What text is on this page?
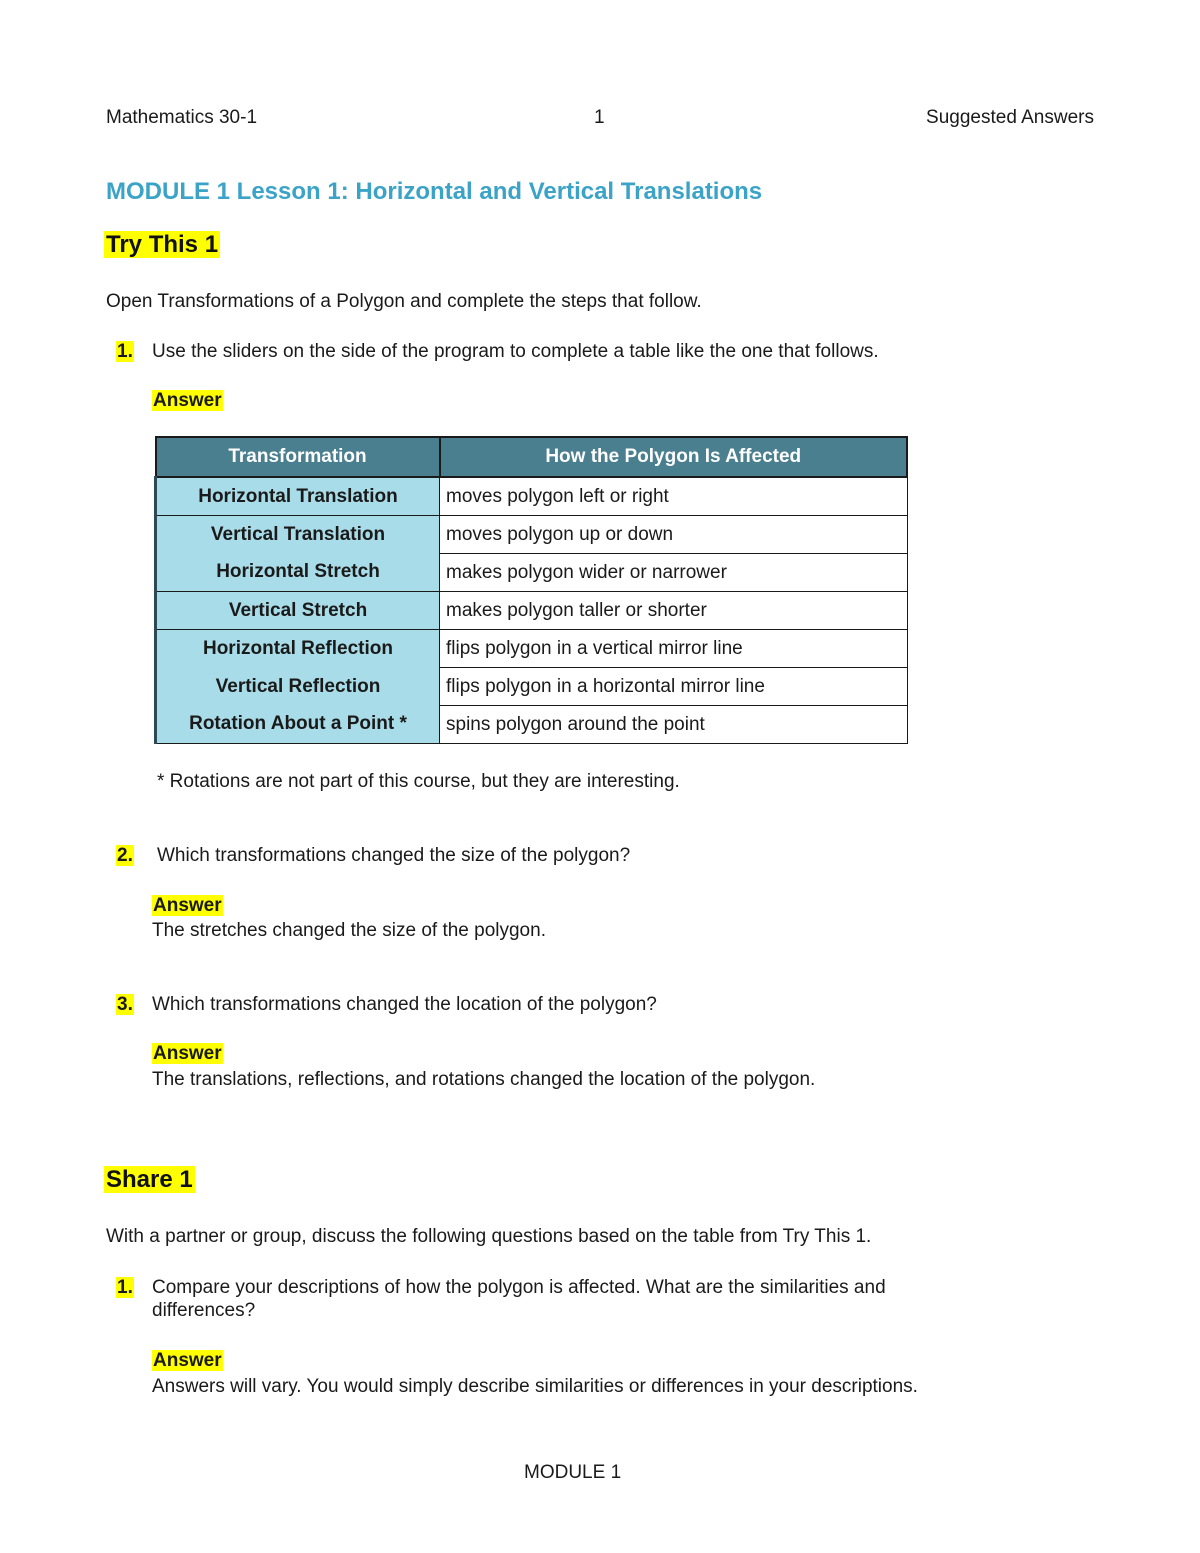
Mathematics 30-1	1	Suggested Answers
MODULE 1 Lesson 1: Horizontal and Vertical Translations
Try This 1
Open Transformations of a Polygon and complete the steps that follow.
1. Use the sliders on the side of the program to complete a table like the one that follows.
Answer
Transformation	How the Polygon Is Affected
Horizontal Translation	moves polygon left or right
Vertical Translation	moves polygon up or down
Horizontal Stretch	makes polygon wider or narrower
Vertical Stretch	makes polygon taller or shorter
Horizontal Reflection	flips polygon in a vertical mirror line
Vertical Reflection	flips polygon in a horizontal mirror line
Rotation About a Point *	spins polygon around the point
* Rotations are not part of this course, but they are interesting.
2. Which transformations changed the size of the polygon?
Answer
The stretches changed the size of the polygon.
3. Which transformations changed the location of the polygon?
Answer
The translations, reflections, and rotations changed the location of the polygon.
Share 1
With a partner or group, discuss the following questions based on the table from Try This 1.
1. Compare your descriptions of how the polygon is affected. What are the similarities and
differences?
Answer
Answers will vary. You would simply describe similarities or differences in your descriptions.
MODULE 1
